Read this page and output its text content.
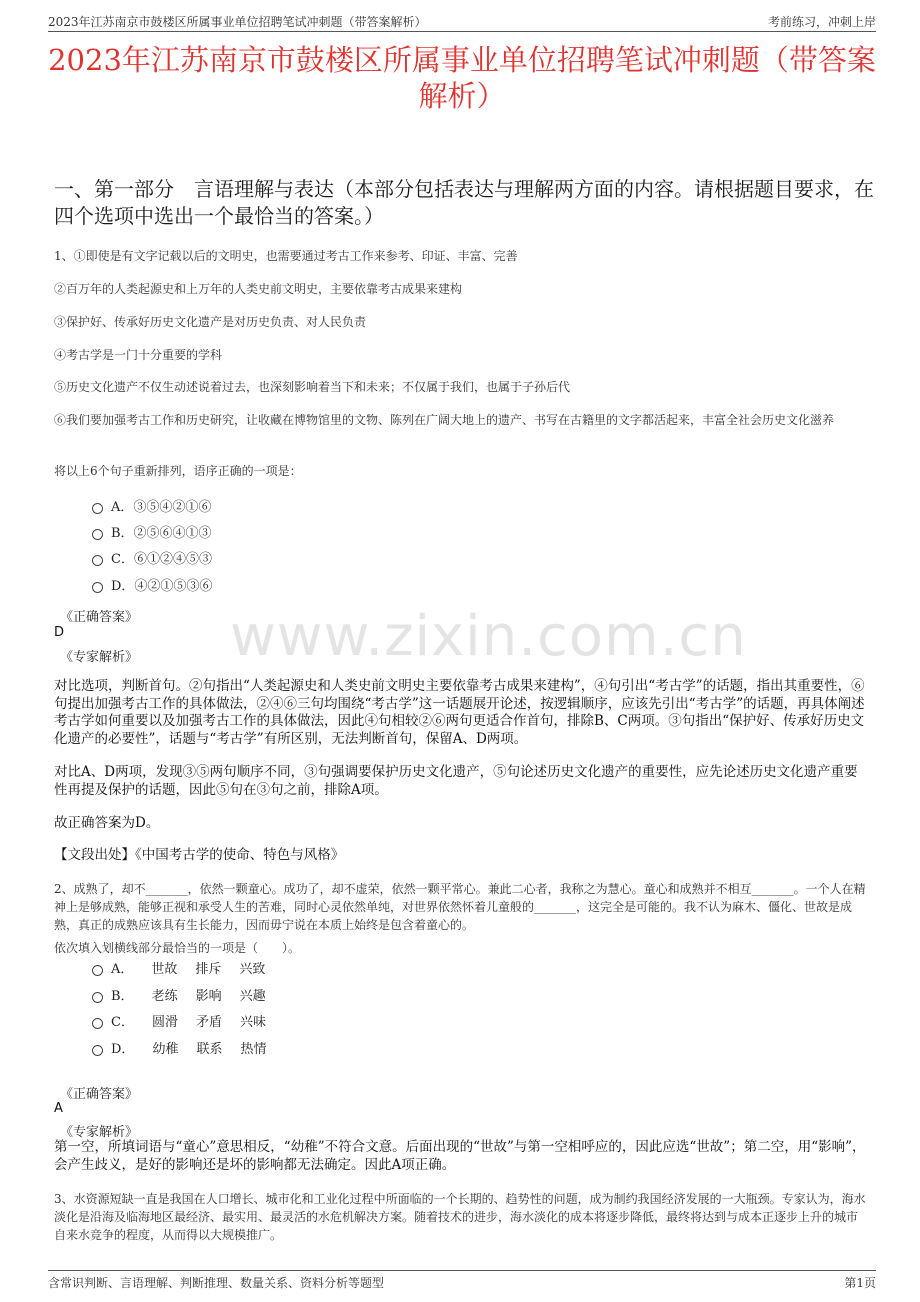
www.zixin.com.cn
2023年江苏南京市鼓楼区所属事业单位招聘笔试冲刺题（带答案解析）	考前练习，冲刺上岸
2023年江苏南京市鼓楼区所属事业单位招聘笔试冲刺题（带答案解析）
一、第一部分　言语理解与表达（本部分包括表达与理解两方面的内容。请根据题目要求，在四个选项中选出一个最恰当的答案。）
1、①即使是有文字记载以后的文明史，也需要通过考古工作来参考、印证、丰富、完善
②百万年的人类起源史和上万年的人类史前文明史，主要依靠考古成果来建构
③保护好、传承好历史文化遗产是对历史负责、对人民负责
④考古学是一门十分重要的学科
⑤历史文化遗产不仅生动述说着过去，也深刻影响着当下和未来；不仅属于我们，也属于子孙后代
⑥我们要加强考古工作和历史研究，让收藏在博物馆里的文物、陈列在广阔大地上的遗产、书写在古籍里的文字都活起来，丰富全社会历史文化滋养
将以上6个句子重新排列，语序正确的一项是：
A．③⑤④②①⑥
B．②⑤⑥④①③
C．⑥①②④⑤③
D．④②①⑤③⑥
《正确答案》
D
《专家解析》
对比选项，判断首句。②句指出“人类起源史和人类史前文明史主要依靠考古成果来建构”，④句引出“考古学”的话题，指出其重要性，⑥句提出加强考古工作的具体做法，②④⑥三句均围绕“考古学”这一话题展开论述，按逻辑顺序，应该先引出“考古学”的话题，再具体阐述考古学如何重要以及加强考古工作的具体做法，因此④句相较②⑥两句更适合作首句，排除B、C两项。③句指出“保护好、传承好历史文化遗产的必要性”，话题与“考古学”有所区别，无法判断首句，保留A、D两项。
对比A、D两项，发现③⑤两句顺序不同，③句强调要保护历史文化遗产，⑤句论述历史文化遗产的重要性，应先论述历史文化遗产重要性再提及保护的话题，因此⑤句在③句之前，排除A项。
故正确答案为D。
【文段出处】《中国考古学的使命、特色与风格》
2、成熟了，却不_______，依然一颗童心。成功了，却不虚荣，依然一颗平常心。兼此二心者，我称之为慧心。童心和成熟并不相互_______。一个人在精神上是够成熟，能够正视和承受人生的苦难，同时心灵依然单纯，对世界依然怀着儿童般的_______，这完全是可能的。我不认为麻木、僵化、世故是成熟，真正的成熟应该具有生长能力，因而毋宁说在本质上始终是包含着童心的。
依次填入划横线部分最恰当的一项是（　　）。
A． 世故 排斥 兴致
B． 老练 影响 兴趣
C． 圆滑 矛盾 兴味
D． 幼稚 联系 热情
《正确答案》
A
《专家解析》
第一空，所填词语与“童心”意思相反，“幼稚”不符合文意。后面出现的“世故”与第一空相呼应的，因此应选“世故”；第二空，用“影响”，会产生歧义，是好的影响还是坏的影响都无法确定。因此A项正确。
3、水资源短缺一直是我国在人口增长、城市化和工业化过程中所面临的一个长期的、趋势性的问题，成为制约我国经济发展的一大瓶颈。专家认为，海水淡化是沿海及临海地区最经济、最实用、最灵活的水危机解决方案。随着技术的进步，海水淡化的成本将逐步降低，最终将达到与成本正逐步上升的城市自来水竞争的程度，从而得以大规模推广。
含常识判断、言语理解、判断推理、数量关系、资料分析等题型	第1页
